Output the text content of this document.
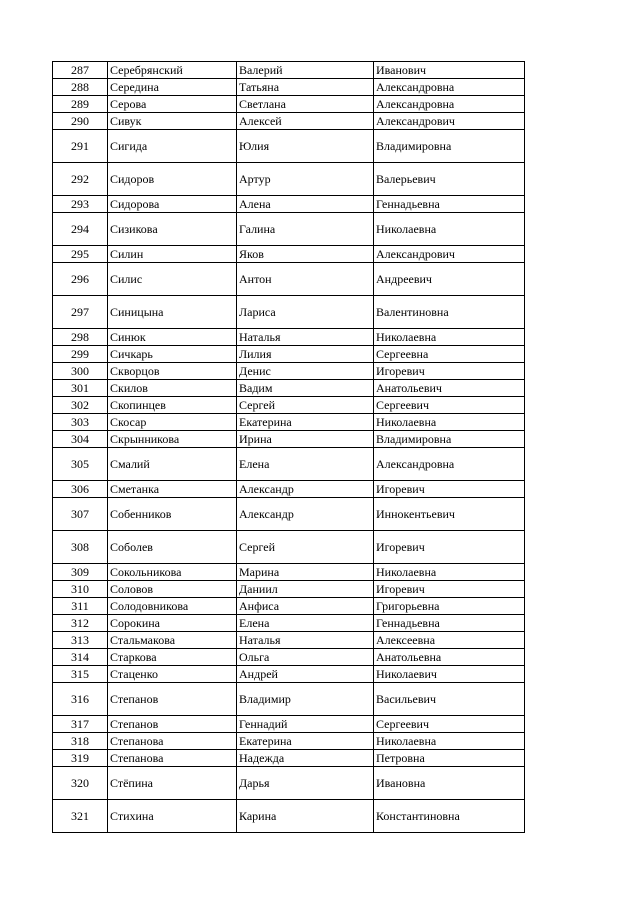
287	Серебрянский	Валерий	Иванович
288	Середина	Татьяна	Александровна
289	Серова	Светлана	Александровна
290	Сивук	Алексей	Александрович
291	Сигида	Юлия	Владимировна
292	Сидоров	Артур	Валерьевич
293	Сидорова	Алена	Геннадьевна
294	Сизикова	Галина	Николаевна
295	Силин	Яков	Александрович
296	Силис	Антон	Андреевич
297	Синицына	Лариса	Валентиновна
298	Синюк	Наталья	Николаевна
299	Сичкарь	Лилия	Сергеевна
300	Скворцов	Денис	Игоревич
301	Скилов	Вадим	Анатольевич
302	Скопинцев	Сергей	Сергеевич
303	Скосар	Екатерина	Николаевна
304	Скрынникова	Ирина	Владимировна
305	Смалий	Елена	Александровна
306	Сметанка	Александр	Игоревич
307	Собенников	Александр	Иннокентьевич
308	Соболев	Сергей	Игоревич
309	Сокольникова	Марина	Николаевна
310	Соловов	Даниил	Игоревич
311	Солодовникова	Анфиса	Григорьевна
312	Сорокина	Елена	Геннадьевна
313	Стальмакова	Наталья	Алексеевна
314	Старкова	Ольга	Анатольевна
315	Стаценко	Андрей	Николаевич
316	Степанов	Владимир	Васильевич
317	Степанов	Геннадий	Сергеевич
318	Степанова	Екатерина	Николаевна
319	Степанова	Надежда	Петровна
320	Стёпина	Дарья	Ивановна
321	Стихина	Карина	Константиновна
